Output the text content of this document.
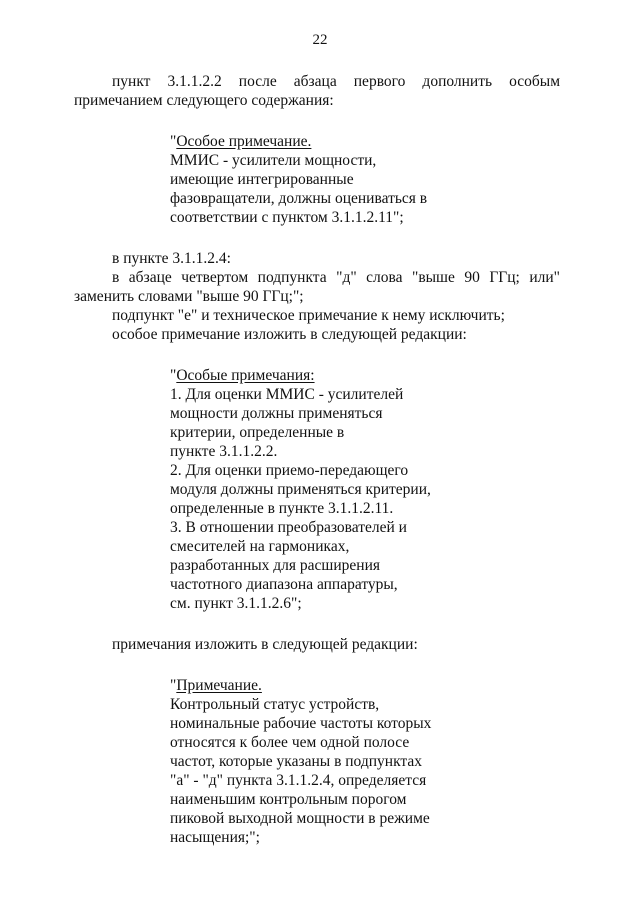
22

пункт 3.1.1.2.2 после абзаца первого дополнить особым примечанием следующего содержания:

"Особое примечание.
ММИС - усилители мощности,
имеющие интегрированные
фазовращатели, должны оцениваться в
соответствии с пунктом 3.1.1.2.11";

в пункте 3.1.1.2.4:

в абзаце четвертом подпункта "д" слова "выше 90 ГГц; или" заменить словами "выше 90 ГГц;";

подпункт "е" и техническое примечание к нему исключить;

особое примечание изложить в следующей редакции:

"Особые примечания:
1. Для оценки ММИС - усилителей
мощности должны применяться
критерии, определенные в
пункте 3.1.1.2.2.
2. Для оценки приемо-передающего
модуля должны применяться критерии,
определенные в пункте 3.1.1.2.11.
3. В отношении преобразователей и
смесителей на гармониках,
разработанных для расширения
частотного диапазона аппаратуры,
см. пункт 3.1.1.2.6";

примечания изложить в следующей редакции:

"Примечание.
Контрольный статус устройств,
номинальные рабочие частоты которых
относятся к более чем одной полосе
частот, которые указаны в подпунктах
"а" - "д" пункта 3.1.1.2.4, определяется
наименьшим контрольным порогом
пиковой выходной мощности в режиме
насыщения;";
